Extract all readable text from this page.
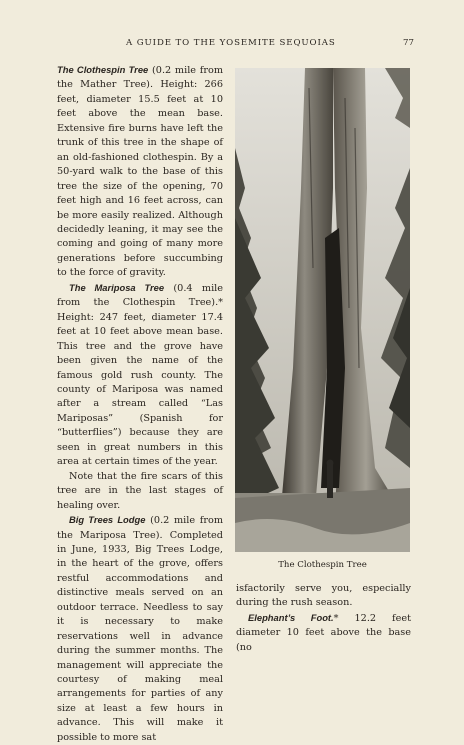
A GUIDE TO THE YOSEMITE SEQUOIAS	77

The Clothespin Tree (0.2 mile from the Mather Tree). Height: 266 feet, diameter 15.5 feet at 10 feet above the mean base. Extensive fire burns have left the trunk of this tree in the shape of an old-fashioned clothespin. By a 50-yard walk to the base of this tree the size of the opening, 70 feet high and 16 feet across, can be more easily realized. Although decidedly leaning, it may see the coming and going of many more generations before succumbing to the force of gravity.

The Mariposa Tree (0.4 mile from the Clothespin Tree).* Height: 247 feet, diameter 17.4 feet at 10 feet above mean base. This tree and the grove have been given the name of the famous gold rush county. The county of Mariposa was named after a stream called “Las Mariposas” (Spanish for “butterflies”) because they are seen in great numbers in this area at certain times of the year.

Note that the fire scars of this tree are in the last stages of healing over.

Big Trees Lodge (0.2 mile from the Mariposa Tree). Completed in June, 1933, Big Trees Lodge, in the heart of the grove, offers restful accommodations and distinctive meals served on an outdoor terrace. Needless to say it is necessary to make reservations well in advance during the summer months. The management will appreciate the courtesy of making meal arrangements for parties of any size at least a few hours in advance. This will make it possible to more sat

The Clothespin Tree

isfactorily serve you, especially during the rush season.

Elephant’s Foot.* 12.2 feet diameter 10 feet above the base (no
